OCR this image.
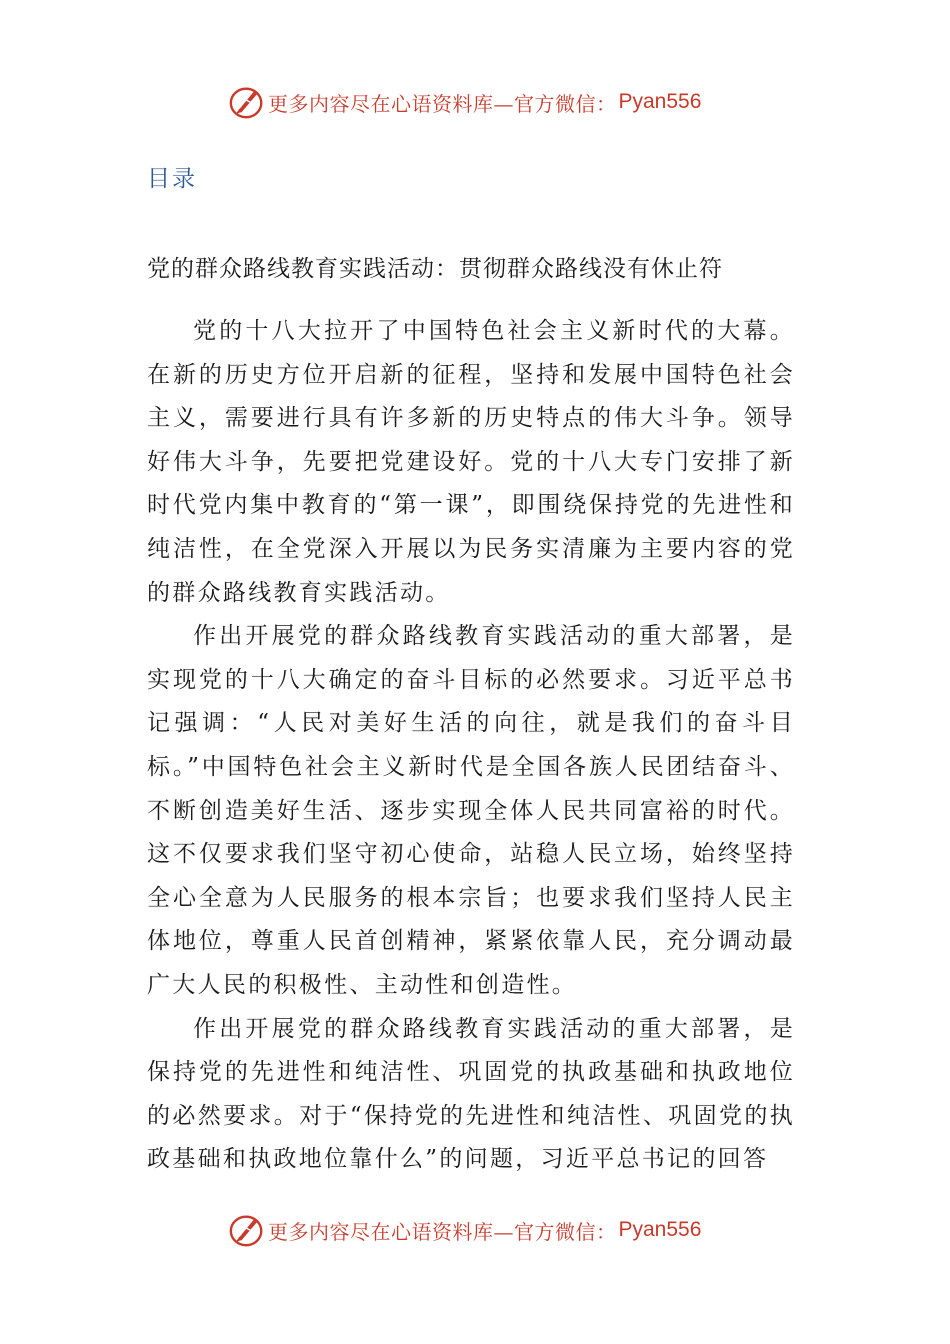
更多内容尽在心语资料库—官方微信： Pyan556
目录
党的群众路线教育实践活动：贯彻群众路线没有休止符

党的十八大拉开了中国特色社会主义新时代的大幕。在新的历史方位开启新的征程，坚持和发展中国特色社会主义，需要进行具有许多新的历史特点的伟大斗争。领导好伟大斗争，先要把党建设好。党的十八大专门安排了新时代党内集中教育的“第一课”，即围绕保持党的先进性和纯洁性，在全党深入开展以为民务实清廉为主要内容的党的群众路线教育实践活动。

作出开展党的群众路线教育实践活动的重大部署，是实现党的十八大确定的奋斗目标的必然要求。习近平总书记强调：“人民对美好生活的向往，就是我们的奋斗目标。”中国特色社会主义新时代是全国各族人民团结奋斗、不断创造美好生活、逐步实现全体人民共同富裕的时代。这不仅要求我们坚守初心使命，站稳人民立场，始终坚持全心全意为人民服务的根本宗旨；也要求我们坚持人民主体地位，尊重人民首创精神，紧紧依靠人民，充分调动最广大人民的积极性、主动性和创造性。

作出开展党的群众路线教育实践活动的重大部署，是保持党的先进性和纯洁性、巩固党的执政基础和执政地位的必然要求。对于“保持党的先进性和纯洁性、巩固党的执政基础和执政地位靠什么”的问题，习近平总书记的回答

更多内容尽在心语资料库—官方微信： Pyan556
